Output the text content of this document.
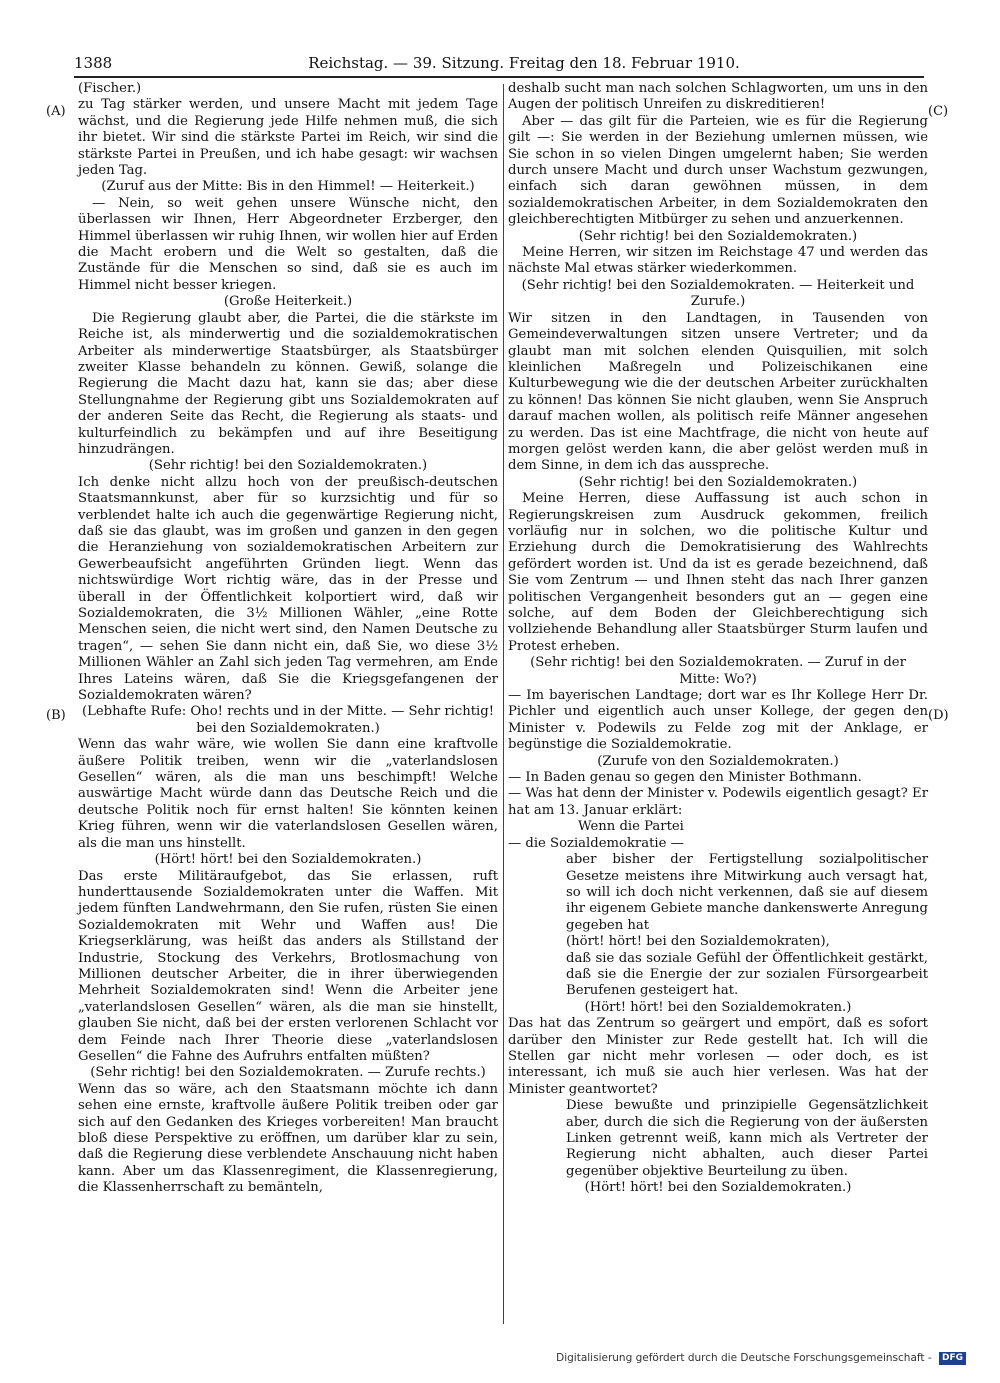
1388	Reichstag. — 39. Sitzung. Freitag den 18. Februar 1910.
(A)
(B)
(C)
(D)

(Fischer.)

zu Tag stärker werden, und unsere Macht mit jedem Tage wächst, und die Regierung jede Hilfe nehmen muß, die sich ihr bietet. Wir sind die stärkste Partei im Reich, wir sind die stärkste Partei in Preußen, und ich habe gesagt: wir wachsen jeden Tag.

(Zuruf aus der Mitte: Bis in den Himmel! — Heiterkeit.)

— Nein, so weit gehen unsere Wünsche nicht, den überlassen wir Ihnen, Herr Abgeordneter Erzberger, den Himmel überlassen wir ruhig Ihnen, wir wollen hier auf Erden die Macht erobern und die Welt so gestalten, daß die Zustände für die Menschen so sind, daß sie es auch im Himmel nicht besser kriegen.

(Große Heiterkeit.)

Die Regierung glaubt aber, die Partei, die die stärkste im Reiche ist, als minderwertig und die sozialdemokratischen Arbeiter als minderwertige Staatsbürger, als Staatsbürger zweiter Klasse behandeln zu können. Gewiß, solange die Regierung die Macht dazu hat, kann sie das; aber diese Stellungnahme der Regierung gibt uns Sozialdemokraten auf der anderen Seite das Recht, die Regierung als staats- und kulturfeindlich zu bekämpfen und auf ihre Beseitigung hinzudrängen.

(Sehr richtig! bei den Sozialdemokraten.)

Ich denke nicht allzu hoch von der preußisch-deutschen Staatsmannkunst, aber für so kurzsichtig und für so verblendet halte ich auch die gegenwärtige Regierung nicht, daß sie das glaubt, was im großen und ganzen in den gegen die Heranziehung von sozialdemokratischen Arbeitern zur Gewerbeaufsicht angeführten Gründen liegt. Wenn das nichtswürdige Wort richtig wäre, das in der Presse und überall in der Öffentlichkeit kolportiert wird, daß wir Sozialdemokraten, die 3½ Millionen Wähler, „eine Rotte Menschen seien, die nicht wert sind, den Namen Deutsche zu tragen“, — sehen Sie dann nicht ein, daß Sie, wo diese 3½ Millionen Wähler an Zahl sich jeden Tag vermehren, am Ende Ihres Lateins wären, daß Sie die Kriegsgefangenen der Sozialdemokraten wären?

(Lebhafte Rufe: Oho! rechts und in der Mitte. — Sehr richtig! bei den Sozialdemokraten.)

Wenn das wahr wäre, wie wollen Sie dann eine kraftvolle äußere Politik treiben, wenn wir die „vaterlandslosen Gesellen“ wären, als die man uns beschimpft! Welche auswärtige Macht würde dann das Deutsche Reich und die deutsche Politik noch für ernst halten! Sie könnten keinen Krieg führen, wenn wir die vaterlandslosen Gesellen wären, als die man uns hinstellt.

(Hört! hört! bei den Sozialdemokraten.)

Das erste Militäraufgebot, das Sie erlassen, ruft hunderttausende Sozialdemokraten unter die Waffen. Mit jedem fünften Landwehrmann, den Sie rufen, rüsten Sie einen Sozialdemokraten mit Wehr und Waffen aus! Die Kriegserklärung, was heißt das anders als Stillstand der Industrie, Stockung des Verkehrs, Brotlosmachung von Millionen deutscher Arbeiter, die in ihrer überwiegenden Mehrheit Sozialdemokraten sind! Wenn die Arbeiter jene „vaterlandslosen Gesellen“ wären, als die man sie hinstellt, glauben Sie nicht, daß bei der ersten verlorenen Schlacht vor dem Feinde nach Ihrer Theorie diese „vaterlandslosen Gesellen“ die Fahne des Aufruhrs entfalten müßten?

(Sehr richtig! bei den Sozialdemokraten. — Zurufe rechts.)

Wenn das so wäre, ach den Staatsmann möchte ich dann sehen eine ernste, kraftvolle äußere Politik treiben oder gar sich auf den Gedanken des Krieges vorbereiten! Man braucht bloß diese Perspektive zu eröffnen, um darüber klar zu sein, daß die Regierung diese verblendete Anschauung nicht haben kann. Aber um das Klassenregiment, die Klassenregierung, die Klassenherrschaft zu bemänteln,

deshalb sucht man nach solchen Schlagworten, um uns in den Augen der politisch Unreifen zu diskreditieren!

Aber — das gilt für die Parteien, wie es für die Regierung gilt —: Sie werden in der Beziehung umlernen müssen, wie Sie schon in so vielen Dingen umgelernt haben; Sie werden durch unsere Macht und durch unser Wachstum gezwungen, einfach sich daran gewöhnen müssen, in dem sozialdemokratischen Arbeiter, in dem Sozialdemokraten den gleichberechtigten Mitbürger zu sehen und anzuerkennen.

(Sehr richtig! bei den Sozialdemokraten.)

Meine Herren, wir sitzen im Reichstage 47 und werden das nächste Mal etwas stärker wiederkommen.

(Sehr richtig! bei den Sozialdemokraten. — Heiterkeit und Zurufe.)

Wir sitzen in den Landtagen, in Tausenden von Gemeindeverwaltungen sitzen unsere Vertreter; und da glaubt man mit solchen elenden Quisquilien, mit solch kleinlichen Maßregeln und Polizeischikanen eine Kulturbewegung wie die der deutschen Arbeiter zurückhalten zu können! Das können Sie nicht glauben, wenn Sie Anspruch darauf machen wollen, als politisch reife Männer angesehen zu werden. Das ist eine Machtfrage, die nicht von heute auf morgen gelöst werden kann, die aber gelöst werden muß in dem Sinne, in dem ich das ausspreche.

(Sehr richtig! bei den Sozialdemokraten.)

Meine Herren, diese Auffassung ist auch schon in Regierungskreisen zum Ausdruck gekommen, freilich vorläufig nur in solchen, wo die politische Kultur und Erziehung durch die Demokratisierung des Wahlrechts gefördert worden ist. Und da ist es gerade bezeichnend, daß Sie vom Zentrum — und Ihnen steht das nach Ihrer ganzen politischen Vergangenheit besonders gut an — gegen eine solche, auf dem Boden der Gleichberechtigung sich vollziehende Behandlung aller Staatsbürger Sturm laufen und Protest erheben.

(Sehr richtig! bei den Sozialdemokraten. — Zuruf in der Mitte: Wo?)

— Im bayerischen Landtage; dort war es Ihr Kollege Herr Dr. Pichler und eigentlich auch unser Kollege, der gegen den Minister v. Podewils zu Felde zog mit der Anklage, er begünstige die Sozialdemokratie.

(Zurufe von den Sozialdemokraten.)

— In Baden genau so gegen den Minister Bothmann.

— Was hat denn der Minister v. Podewils eigentlich gesagt? Er hat am 13. Januar erklärt:

Wenn die Partei

— die Sozialdemokratie —

aber bisher der Fertigstellung sozialpolitischer Gesetze meistens ihre Mitwirkung auch versagt hat, so will ich doch nicht verkennen, daß sie auf diesem ihr eigenem Gebiete manche dankenswerte Anregung gegeben hat

(hört! hört! bei den Sozialdemokraten),

daß sie das soziale Gefühl der Öffentlichkeit gestärkt, daß sie die Energie der zur sozialen Fürsorgearbeit Berufenen gesteigert hat.

(Hört! hört! bei den Sozialdemokraten.)

Das hat das Zentrum so geärgert und empört, daß es sofort darüber den Minister zur Rede gestellt hat. Ich will die Stellen gar nicht mehr vorlesen — oder doch, es ist interessant, ich muß sie auch hier verlesen. Was hat der Minister geantwortet?

Diese bewußte und prinzipielle Gegensätzlichkeit aber, durch die sich die Regierung von der äußersten Linken getrennt weiß, kann mich als Vertreter der Regierung nicht abhalten, auch dieser Partei gegenüber objektive Beurteilung zu üben.

(Hört! hört! bei den Sozialdemokraten.)

Digitalisierung gefördert durch die Deutsche Forschungsgemeinschaft - DFG
